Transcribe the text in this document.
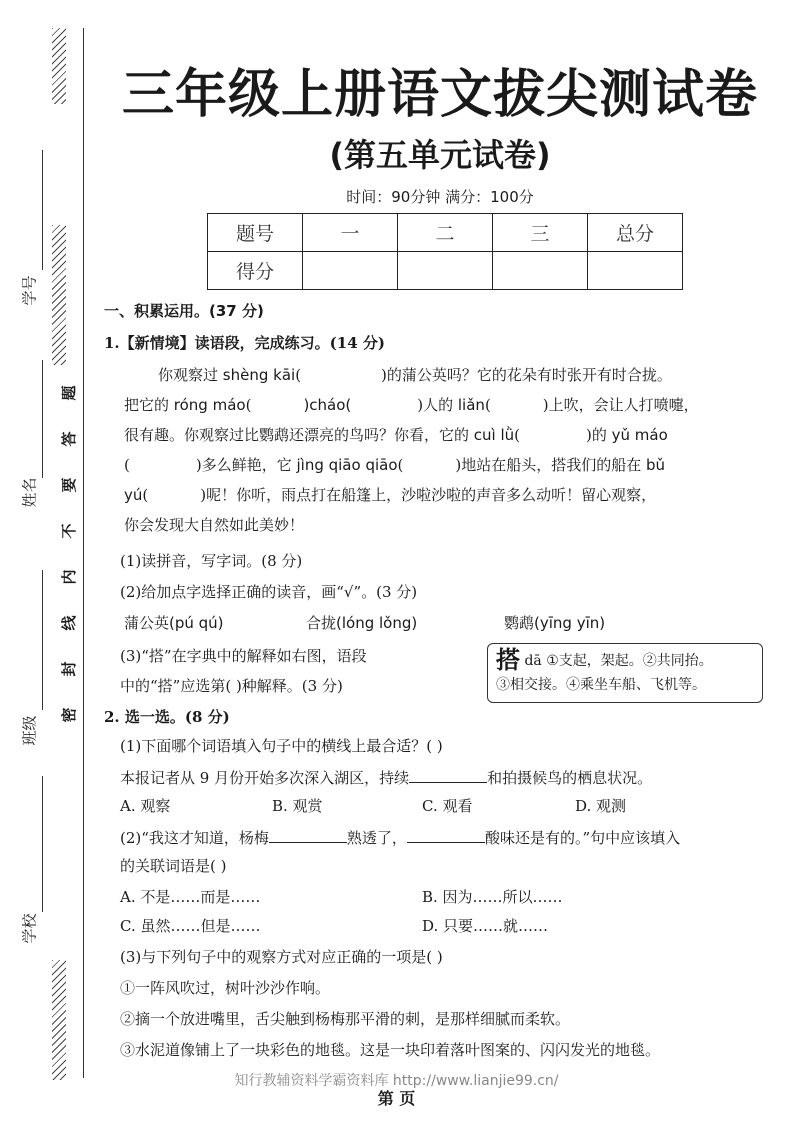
学号
姓名
班级
学校
题
答
要
不
内
线
封
密
三年级上册语文拔尖测试卷
(第五单元试卷)
时间：90分钟 满分：100分
题号	一	二	三	总分
得分				
一、积累运用。(37 分)
1.【新情境】读语段，完成练习。(14 分)
你观察过 shèng kāi(	)的蒲公英吗？它的花朵有时张开有时合拢。
把它的 róng máo(	)cháo(	)人的 liǎn(	)上吹，会让人打喷嚏，
很有趣。你观察过比鹦鹉还漂亮的鸟吗？你看，它的 cuì lǜ(	)的 yǔ máo
(	)多么鲜艳，它 jìng qiāo qiāo(	)地站在船头，搭我们的船在 bǔ
yú(	)呢！你听，雨点打在船篷上，沙啦沙啦的声音多么动听！留心观察，
你会发现大自然如此美妙！
(1)读拼音，写字词。(8 分)
(2)给加点字选择正确的读音，画“√”。(3 分)
蒲公英(pú qú)	合拢(lóng lǒng)	鹦鹉(yīng yīn)
(3)“搭”在字典中的解释如右图，语段
中的“搭”应选第( )种解释。(3 分)
搭 dā ①支起，架起。②共同抬。
③相交接。④乘坐车船、飞机等。
2. 选一选。(8 分)
(1)下面哪个词语填入句子中的横线上最合适？( )
本报记者从 9 月份开始多次深入湖区，持续	和拍摄候鸟的栖息状况。
A. 观察	B. 观赏	C. 观看	D. 观测
(2)“我这才知道，杨梅	熟透了，	酸味还是有的。”句中应该填入
的关联词语是( )
A. 不是……而是……	B. 因为……所以……
C. 虽然……但是……	D. 只要……就……
(3)与下列句子中的观察方式对应正确的一项是( )
①一阵风吹过，树叶沙沙作响。
②摘一个放进嘴里，舌尖触到杨梅那平滑的刺，是那样细腻而柔软。
③水泥道像铺上了一块彩色的地毯。这是一块印着落叶图案的、闪闪发光的地毯。
知行教辅资料学霸资料库 http://www.lianjie99.cn/
第 页
